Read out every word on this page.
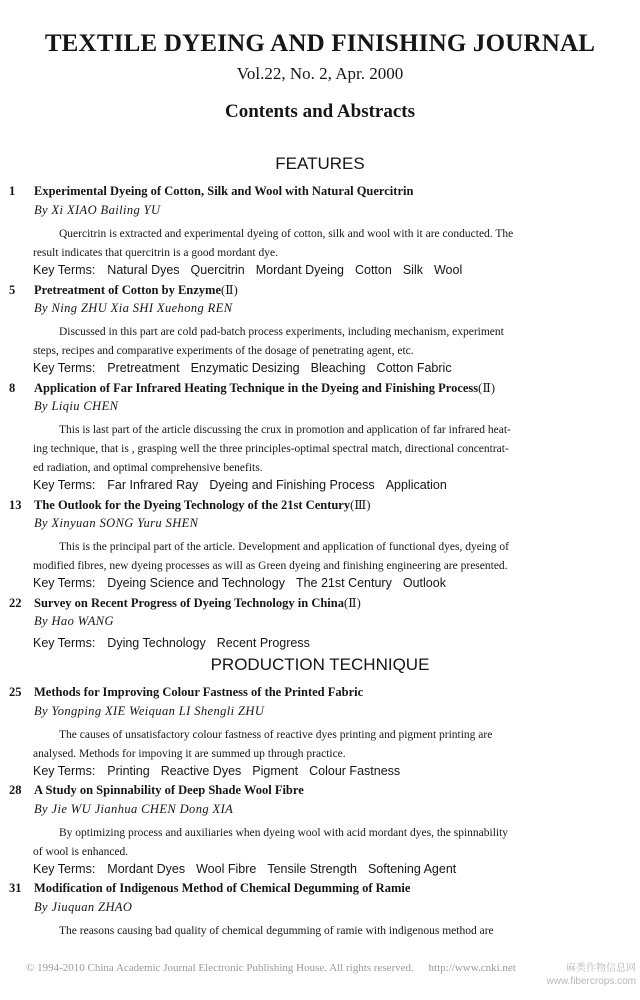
TEXTILE DYEING AND FINISHING JOURNAL
Vol.22, No. 2, Apr. 2000
Contents and Abstracts
FEATURES
1 Experimental Dyeing of Cotton, Silk and Wool with Natural Quercitrin
By Xi XIAO Bailing YU
Quercitrin is extracted and experimental dyeing of cotton, silk and wool with it are conducted. The
result indicates that quercitrin is a good mordant dye.
Key Terms: Natural Dyes Quercitrin Mordant Dyeing Cotton Silk Wool
5 Pretreatment of Cotton by Enzyme(Ⅱ)
By Ning ZHU Xia SHI Xuehong REN
Discussed in this part are cold pad-batch process experiments, including mechanism, experiment
steps, recipes and comparative experiments of the dosage of penetrating agent, etc.
Key Terms: Pretreatment Enzymatic Desizing Bleaching Cotton Fabric
8 Application of Far Infrared Heating Technique in the Dyeing and Finishing Process(Ⅱ)
By Liqiu CHEN
This is last part of the article discussing the crux in promotion and application of far infrared heat-
ing technique, that is , grasping well the three principles-optimal spectral match, directional concentrat-
ed radiation, and optimal comprehensive benefits.
Key Terms: Far Infrared Ray Dyeing and Finishing Process Application
13 The Outlook for the Dyeing Technology of the 21st Century(Ⅲ)
By Xinyuan SONG Yuru SHEN
This is the principal part of the article. Development and application of functional dyes, dyeing of
modified fibres, new dyeing processes as will as Green dyeing and finishing engineering are presented.
Key Terms: Dyeing Science and Technology The 21st Century Outlook
22 Survey on Recent Progress of Dyeing Technology in China(Ⅱ)
By Hao WANG
Key Terms: Dying Technology Recent Progress
PRODUCTION TECHNIQUE
25 Methods for Improving Colour Fastness of the Printed Fabric
By Yongping XIE Weiquan LI Shengli ZHU
The causes of unsatisfactory colour fastness of reactive dyes printing and pigment printing are
analysed. Methods for impoving it are summed up through practice.
Key Terms: Printing Reactive Dyes Pigment Colour Fastness
28 A Study on Spinnability of Deep Shade Wool Fibre
By Jie WU Jianhua CHEN Dong XIA
By optimizing process and auxiliaries when dyeing wool with acid mordant dyes, the spinnability
of wool is enhanced.
Key Terms: Mordant Dyes Wool Fibre Tensile Strength Softening Agent
31 Modification of Indigenous Method of Chemical Degumming of Ramie
By Jiuquan ZHAO
The reasons causing bad quality of chemical degumming of ramie with indigenous method are
© 1994-2010 China Academic Journal Electronic Publishing House. All rights reserved. http://www.cnki.net	麻类作物信息网
www.fibercrops.com
